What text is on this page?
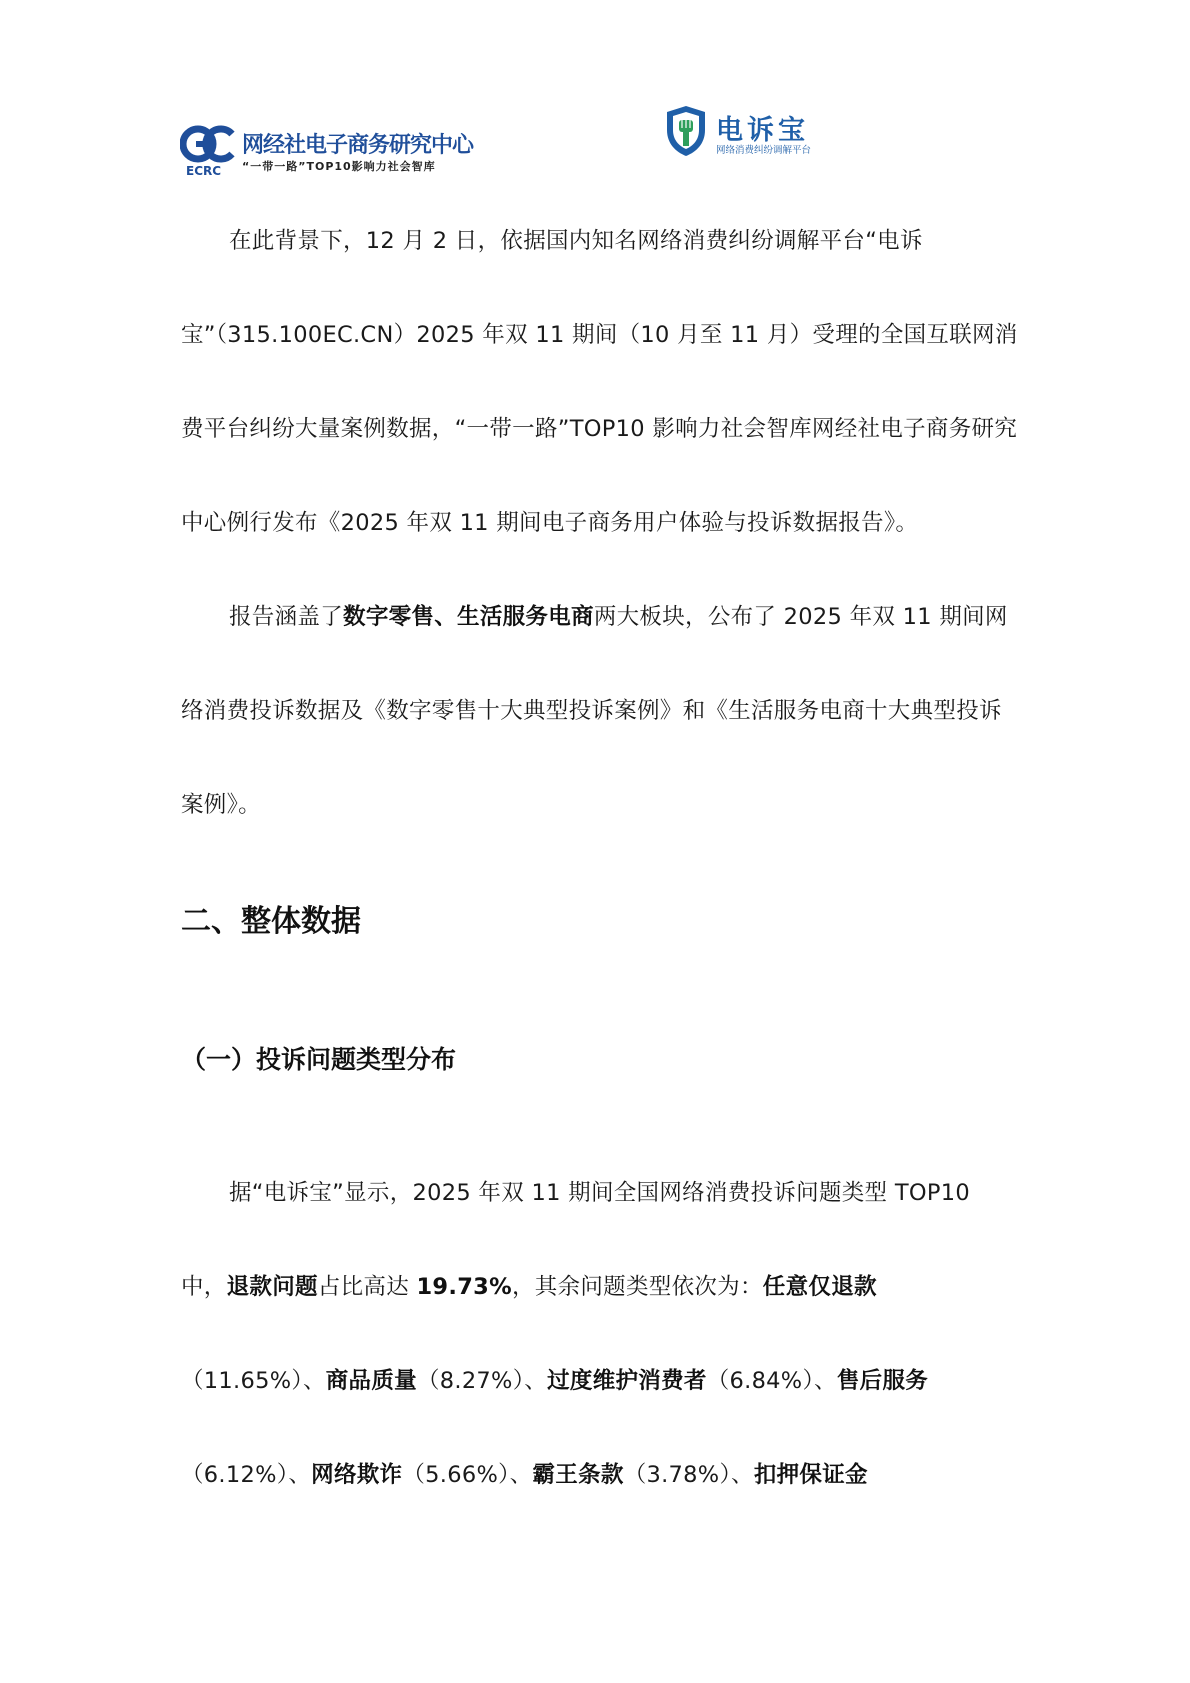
ECRC
网经社电子商务研究中心
“一带一路”TOP10影响力社会智库
电诉宝
网络消费纠纷调解平台

在此背景下，12 月 2 日，依据国内知名网络消费纠纷调解平台“电诉宝”（315.100EC.CN）2025 年双 11 期间（10 月至 11 月）受理的全国互联网消费平台纠纷大量案例数据，“一带一路”TOP10 影响力社会智库网经社电子商务研究中心例行发布《2025 年双 11 期间电子商务用户体验与投诉数据报告》。

报告涵盖了数字零售、生活服务电商两大板块，公布了 2025 年双 11 期间网络消费投诉数据及《数字零售十大典型投诉案例》和《生活服务电商十大典型投诉案例》。

二、整体数据
（一）投诉问题类型分布

据“电诉宝”显示，2025 年双 11 期间全国网络消费投诉问题类型 TOP10 中，退款问题占比高达 19.73%，其余问题类型依次为：任意仅退款（11.65%）、商品质量（8.27%）、过度维护消费者（6.84%）、售后服务（6.12%）、网络欺诈（5.66%）、霸王条款（3.78%）、扣押保证金
